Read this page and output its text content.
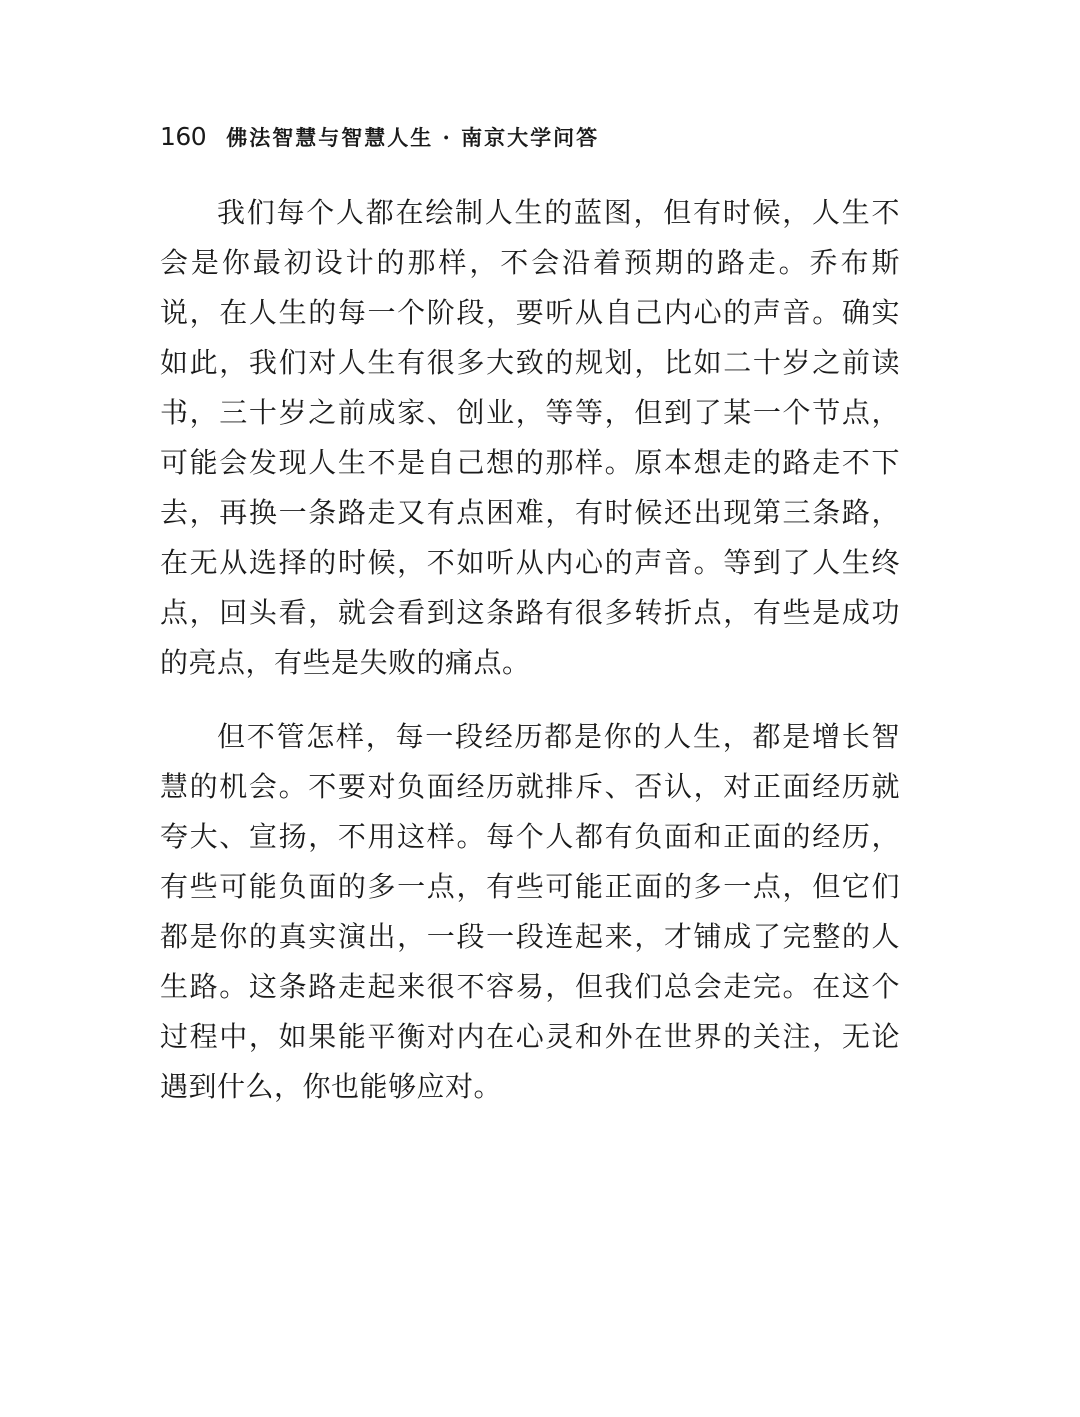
160 佛法智慧与智慧人生 · 南京大学问答

我们每个人都在绘制人生的蓝图，但有时候，人生不会是你最初设计的那样，不会沿着预期的路走。乔布斯说，在人生的每一个阶段，要听从自己内心的声音。确实如此，我们对人生有很多大致的规划，比如二十岁之前读书，三十岁之前成家、创业，等等，但到了某一个节点，可能会发现人生不是自己想的那样。原本想走的路走不下去，再换一条路走又有点困难，有时候还出现第三条路，在无从选择的时候，不如听从内心的声音。等到了人生终点，回头看，就会看到这条路有很多转折点，有些是成功的亮点，有些是失败的痛点。

但不管怎样，每一段经历都是你的人生，都是增长智慧的机会。不要对负面经历就排斥、否认，对正面经历就夸大、宣扬，不用这样。每个人都有负面和正面的经历，有些可能负面的多一点，有些可能正面的多一点，但它们都是你的真实演出，一段一段连起来，才铺成了完整的人生路。这条路走起来很不容易，但我们总会走完。在这个过程中，如果能平衡对内在心灵和外在世界的关注，无论遇到什么，你也能够应对。
